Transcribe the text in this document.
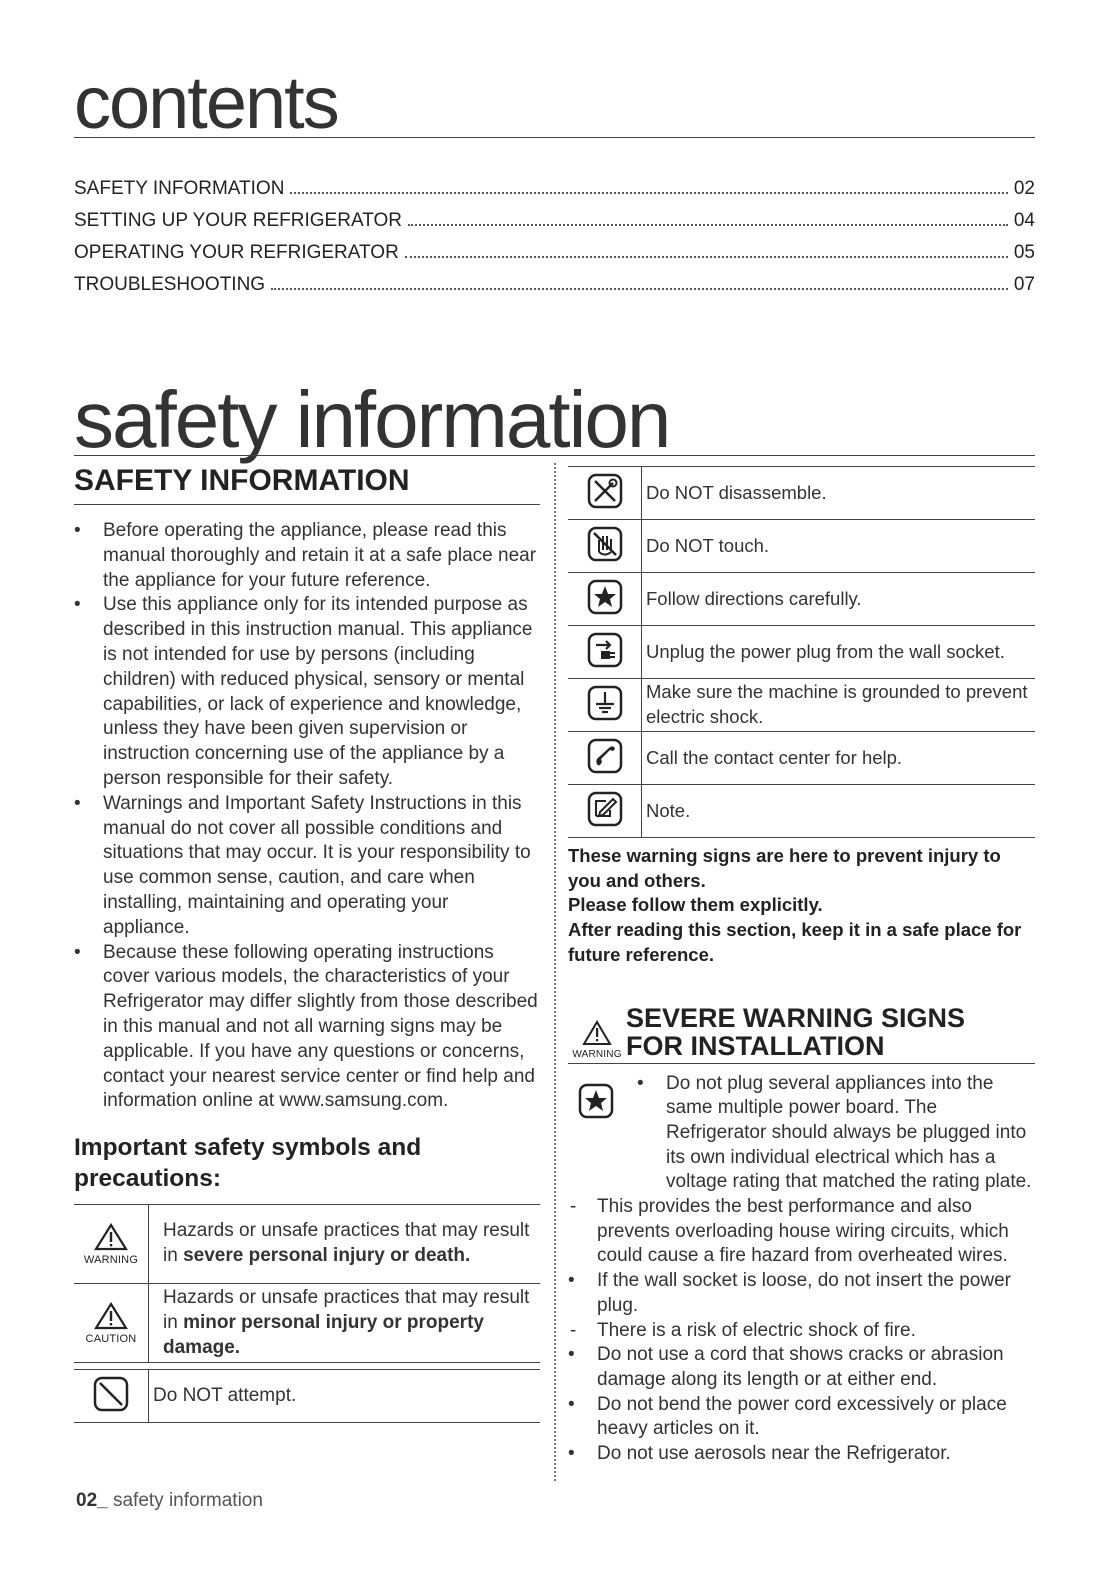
contents
SAFETY INFORMATION	02
SETTING UP YOUR REFRIGERATOR	04
OPERATING YOUR REFRIGERATOR	05
TROUBLESHOOTING	07
safety information
SAFETY INFORMATION
• Before operating the appliance, please read this manual thoroughly and retain it at a safe place near the appliance for your future reference.
• Use this appliance only for its intended purpose as described in this instruction manual. This appliance is not intended for use by persons (including children) with reduced physical, sensory or mental capabilities, or lack of experience and knowledge, unless they have been given supervision or instruction concerning use of the appliance by a person responsible for their safety.
• Warnings and Important Safety Instructions in this manual do not cover all possible conditions and situations that may occur. It is your responsibility to use common sense, caution, and care when installing, maintaining and operating your appliance.
• Because these following operating instructions cover various models, the characteristics of your Refrigerator may differ slightly from those described in this manual and not all warning signs may be applicable. If you have any questions or concerns, contact your nearest service center or find help and information online at www.samsung.com.
Important safety symbols and precautions:
WARNING	Hazards or unsafe practices that may result in severe personal injury or death.

CAUTION	Hazards or unsafe practices that may result in minor personal injury or property damage.
	Do NOT attempt.
	Do NOT disassemble.
	Do NOT touch.
	Follow directions carefully.
	Unplug the power plug from the wall socket.
	Make sure the machine is grounded to prevent electric shock.
	Call the contact center for help.
	Note.
These warning signs are here to prevent injury to you and others.
Please follow them explicitly.
After reading this section, keep it in a safe place for future reference.
WARNING
SEVERE WARNING SIGNS
FOR INSTALLATION
• Do not plug several appliances into the same multiple power board. The Refrigerator should always be plugged into its own individual electrical which has a voltage rating that matched the rating plate.
- This provides the best performance and also prevents overloading house wiring circuits, which could cause a fire hazard from overheated wires.
• If the wall socket is loose, do not insert the power plug.
- There is a risk of electric shock of fire.
• Do not use a cord that shows cracks or abrasion damage along its length or at either end.
• Do not bend the power cord excessively or place heavy articles on it.
• Do not use aerosols near the Refrigerator.
02_ safety information
